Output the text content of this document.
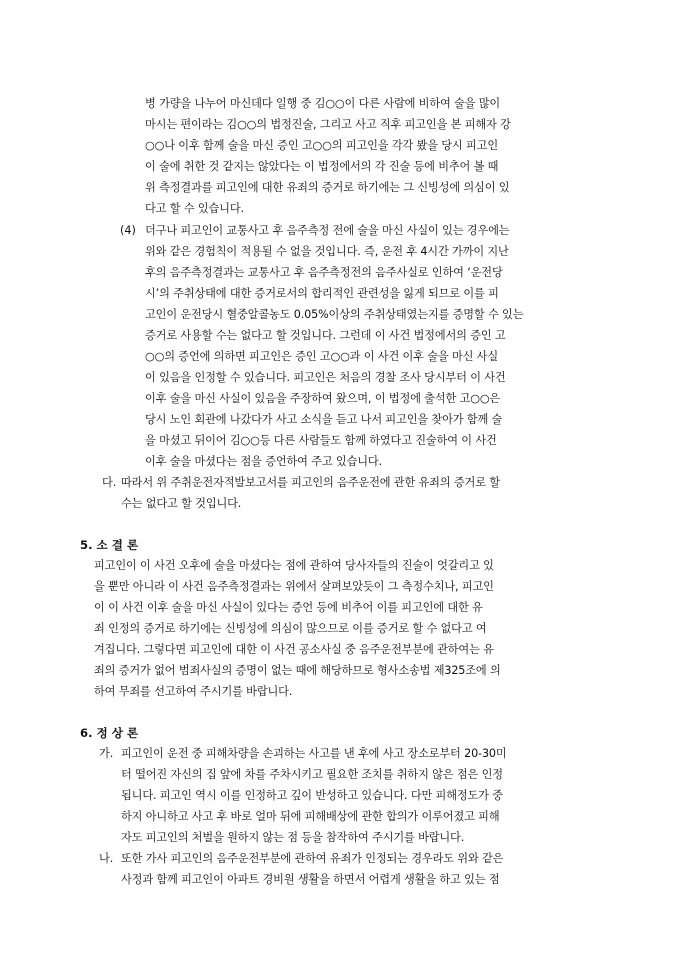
병 가량을 나누어 마신데다 일행 중 김○○이 다른 사람에 비하여 술을 많이
마시는 편이라는 김○○의 법정진술, 그리고 사고 직후 피고인을 본 피해자 강
○○나 이후 함께 술을 마신 증인 고○○의 피고인을 각각 봤을 당시 피고인
이 술에 취한 것 같지는 않았다는 이 법정에서의 각 진술 등에 비추어 볼 때
위 측정결과를 피고인에 대한 유죄의 증거로 하기에는 그 신빙성에 의심이 있
다고 할 수 있습니다.
(4) 더구나 피고인이 교통사고 후 음주측정 전에 술을 마신 사실이 있는 경우에는
위와 같은 경험칙이 적용될 수 없을 것입니다. 즉, 운전 후 4시간 가까이 지난
후의 음주측정결과는 교통사고 후 음주측정전의 음주사실로 인하여 ‘운전당
시’의 주취상태에 대한 증거로서의 합리적인 관련성을 잃게 되므로 이를 피
고인이 운전당시 혈중알콜농도 0.05%이상의 주취상태였는지를 증명할 수 있는
증거로 사용할 수는 없다고 할 것입니다. 그런데 이 사건 법정에서의 증인 고
○○의 증언에 의하면 피고인은 증인 고○○과 이 사건 이후 술을 마신 사실
이 있음을 인정할 수 있습니다. 피고인은 처음의 경찰 조사 당시부터 이 사건
이후 술을 마신 사실이 있음을 주장하여 왔으며, 이 법정에 출석한 고○○은
당시 노인 회관에 나갔다가 사고 소식을 듣고 나서 피고인을 찾아가 함께 술
을 마셨고 뒤이어 김○○등 다른 사람들도 함께 하였다고 진술하여 이 사건
이후 술을 마셨다는 점을 증언하여 주고 있습니다.
다. 따라서 위 주취운전자적발보고서를 피고인의 음주운전에 관한 유죄의 증거로 할
수는 없다고 할 것입니다.
5. 소 결 론
피고인이 이 사건 오후에 술을 마셨다는 점에 관하여 당사자들의 진술이 엇갈리고 있
을 뿐만 아니라 이 사건 음주측정결과는 위에서 살펴보았듯이 그 측정수치나, 피고인
이 이 사건 이후 술을 마신 사실이 있다는 증언 등에 비추어 이를 피고인에 대한 유
죄 인정의 증거로 하기에는 신빙성에 의심이 많으므로 이를 증거로 할 수 없다고 여
겨집니다. 그렇다면 피고인에 대한 이 사건 공소사실 중 음주운전부분에 관하여는 유
죄의 증거가 없어 범죄사실의 증명이 없는 때에 해당하므로 형사소송법 제325조에 의
하여 무죄를 선고하여 주시기를 바랍니다.
6. 정 상 론
가. 피고인이 운전 중 피해차량을 손괴하는 사고를 낸 후에 사고 장소로부터 20-30미
터 떨어진 자신의 집 앞에 차를 주차시키고 필요한 조치를 취하지 않은 점은 인정
됩니다. 피고인 역시 이를 인정하고 깊이 반성하고 있습니다. 다만 피해정도가 중
하지 아니하고 사고 후 바로 얼마 뒤에 피해배상에 관한 합의가 이루어졌고 피해
자도 피고인의 처벌을 원하지 않는 점 등을 참작하여 주시기를 바랍니다.
나. 또한 가사 피고인의 음주운전부분에 관하여 유죄가 인정되는 경우라도 위와 같은
사정과 함께 피고인이 아파트 경비원 생활을 하면서 어렵게 생활을 하고 있는 점
